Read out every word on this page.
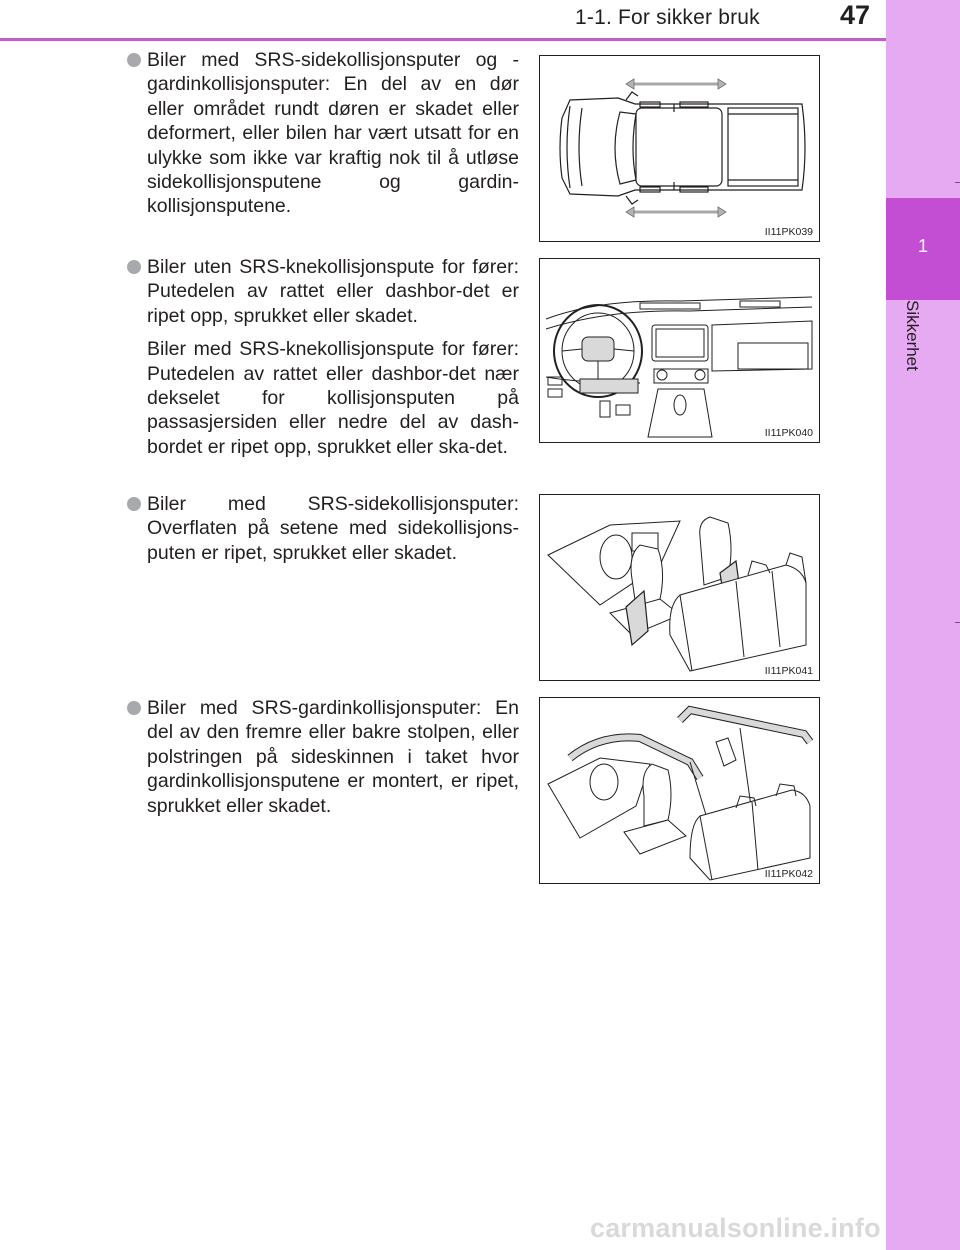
1-1. For sikker bruk	47
1
Sikkerhet

Biler med SRS-sidekollisjonsputer og -gardinkollisjonsputer: En del av en dør eller området rundt døren er skadet eller deformert, eller bilen har vært utsatt for en ulykke som ikke var kraftig nok til å utløse sidekollisjonsputene og gardin-kollisjonsputene.

II11PK039

Biler uten SRS-knekollisjonspute for fører: Putedelen av rattet eller dashbor-det er ripet opp, sprukket eller skadet.

Biler med SRS-knekollisjonspute for fører: Putedelen av rattet eller dashbor-det nær dekselet for kollisjonsputen på passasjersiden eller nedre del av dash-bordet er ripet opp, sprukket eller ska-det.

II11PK040

Biler med SRS-sidekollisjonsputer: Overflaten på setene med sidekollisjons-puten er ripet, sprukket eller skadet.

II11PK041

Biler med SRS-gardinkollisjonsputer: En del av den fremre eller bakre stolpen, eller polstringen på sideskinnen i taket hvor gardinkollisjonsputene er montert, er ripet, sprukket eller skadet.

II11PK042
carmanualsonline.info
